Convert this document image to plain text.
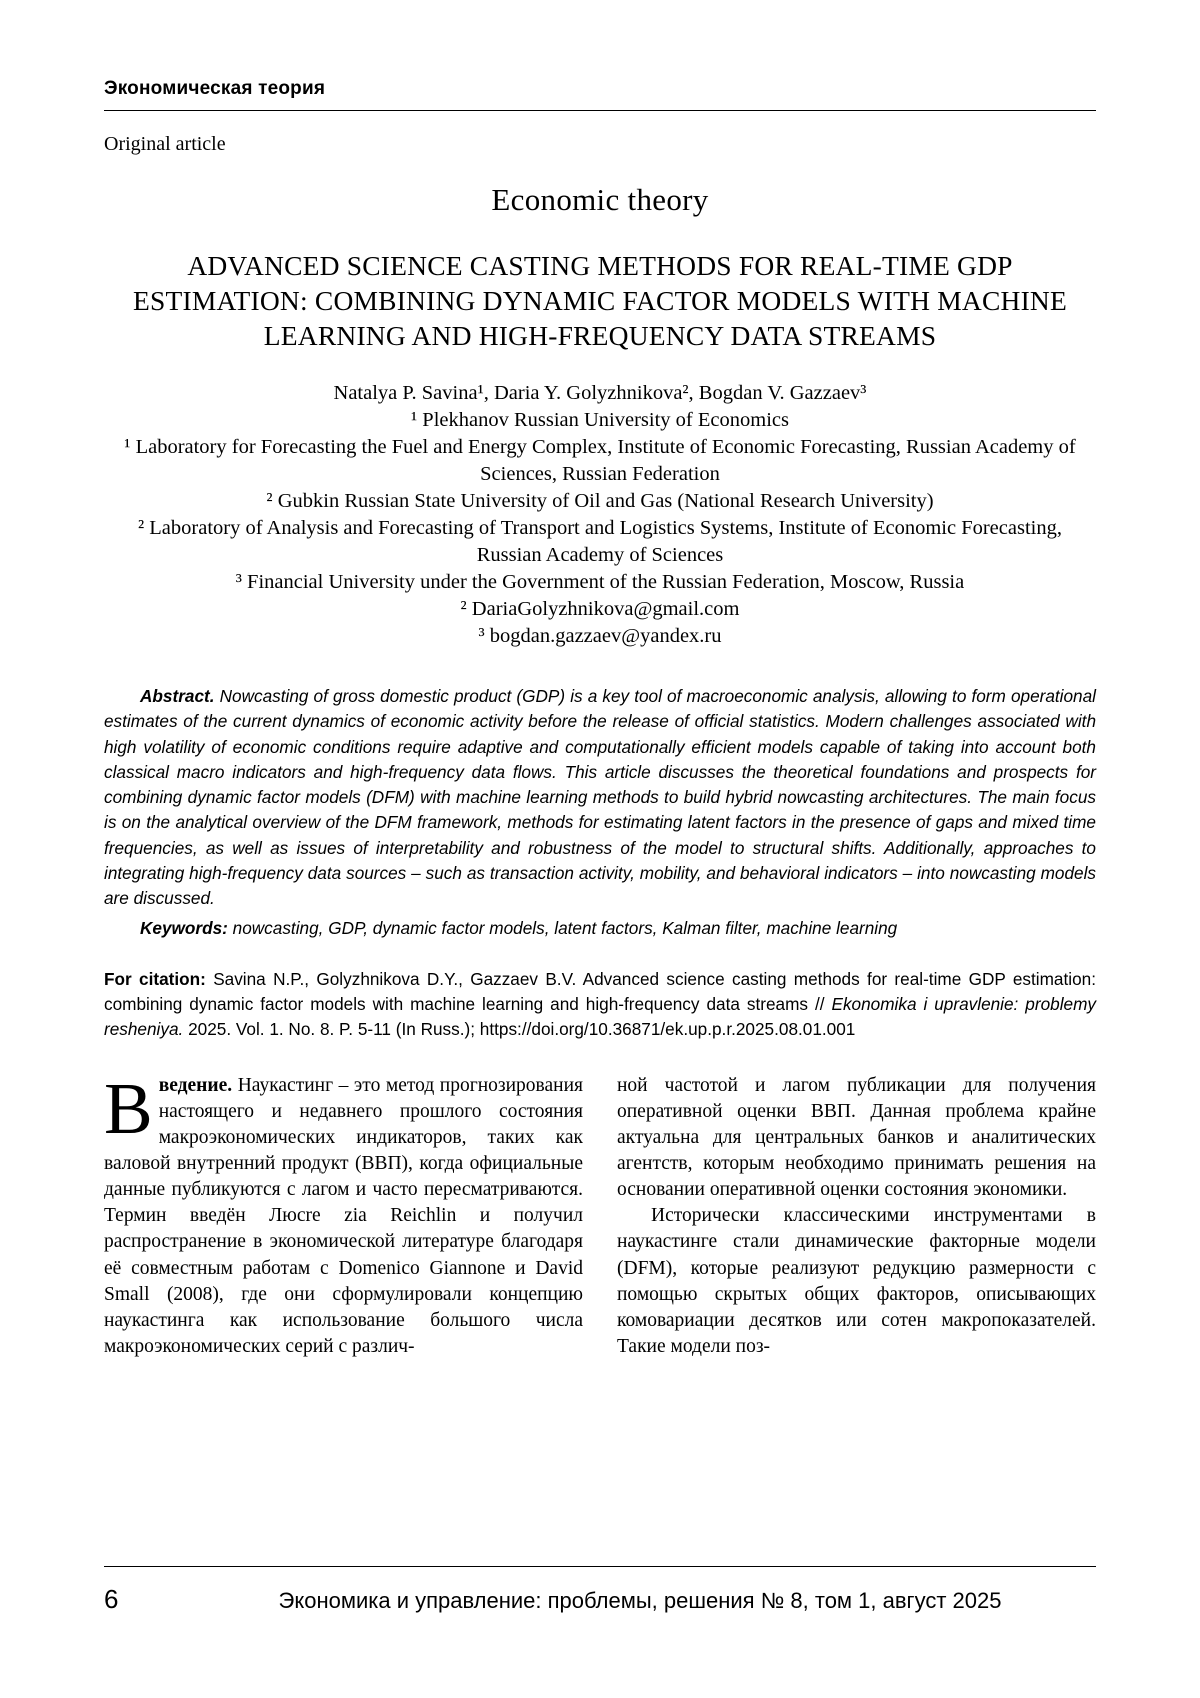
Экономическая теория
Original article
Economic theory
ADVANCED SCIENCE CASTING METHODS FOR REAL-TIME GDP ESTIMATION: COMBINING DYNAMIC FACTOR MODELS WITH MACHINE LEARNING AND HIGH-FREQUENCY DATA STREAMS
Natalya P. Savina¹, Daria Y. Golyzhnikova², Bogdan V. Gazzaev³
¹ Plekhanov Russian University of Economics
¹ Laboratory for Forecasting the Fuel and Energy Complex, Institute of Economic Forecasting, Russian Academy of Sciences, Russian Federation
² Gubkin Russian State University of Oil and Gas (National Research University)
² Laboratory of Analysis and Forecasting of Transport and Logistics Systems, Institute of Economic Forecasting, Russian Academy of Sciences
³ Financial University under the Government of the Russian Federation, Moscow, Russia
² DariaGolyzhnikova@gmail.com
³ bogdan.gazzaev@yandex.ru

Abstract. Nowcasting of gross domestic product (GDP) is a key tool of macroeconomic analysis, allowing to form operational estimates of the current dynamics of economic activity before the release of official statistics. Modern challenges associated with high volatility of economic conditions require adaptive and computationally efficient models capable of taking into account both classical macro indicators and high-frequency data flows. This article discusses the theoretical foundations and prospects for combining dynamic factor models (DFM) with machine learning methods to build hybrid nowcasting architectures. The main focus is on the analytical overview of the DFM framework, methods for estimating latent factors in the presence of gaps and mixed time frequencies, as well as issues of interpretability and robustness of the model to structural shifts. Additionally, approaches to integrating high-frequency data sources – such as transaction activity, mobility, and behavioral indicators – into nowcasting models are discussed.

Keywords: nowcasting, GDP, dynamic factor models, latent factors, Kalman filter, machine learning
For citation: Savina N.P., Golyzhnikova D.Y., Gazzaev B.V. Advanced science casting methods for real-time GDP estimation: combining dynamic factor models with machine learning and high-frequency data streams // Ekonomika i upravlenie: problemy resheniya. 2025. Vol. 1. No. 8. P. 5-11 (In Russ.); https://doi.org/10.36871/ek.up.p.r.2025.08.01.001

Введение. Наукастинг – это метод прогнозирования настоящего и недавнего прошлого состояния макроэкономических индикаторов, таких как валовой внутренний продукт (ВВП), когда официальные данные публикуются с лагом и часто пересматриваются. Термин введён Люсre zia Reichlin и получил распространение в экономической литературе благодаря её совместным работам с Domenico Giannone и David Small (2008), где они сформулировали концепцию наукастинга как использование большого числа макроэкономических серий с различ-

ной частотой и лагом публикации для получения оперативной оценки ВВП. Данная проблема крайне актуальна для центральных банков и аналитических агентств, которым необходимо принимать решения на основании оперативной оценки состояния экономики.

Исторически классическими инструментами в наукастинге стали динамические факторные модели (DFM), которые реализуют редукцию размерности с помощью скрытых общих факторов, описывающих комовариации десятков или сотен макропоказателей. Такие модели поз-

6	Экономика и управление: проблемы, решения № 8, том 1, август 2025
